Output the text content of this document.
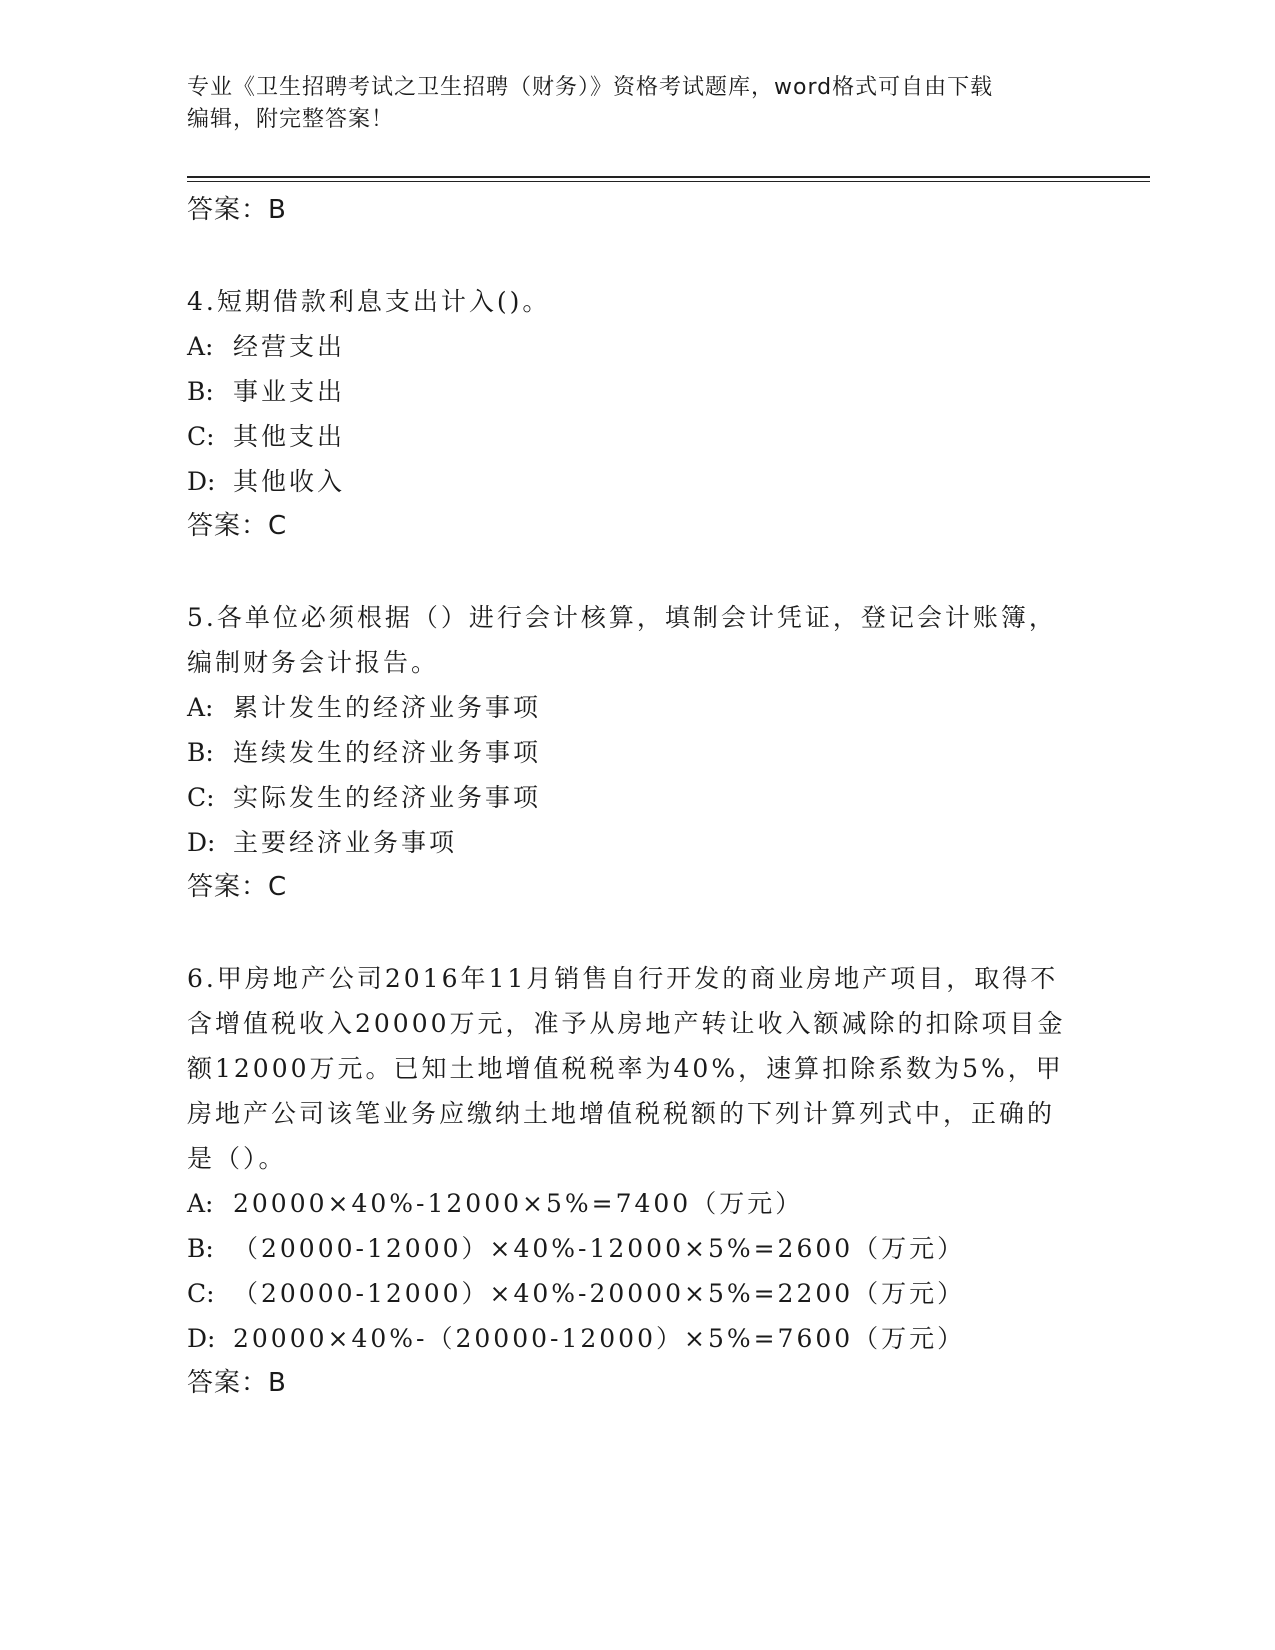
专业《卫生招聘考试之卫生招聘（财务）》资格考试题库，word格式可自由下载
编辑，附完整答案！
答案：B
4.短期借款利息支出计入()。
A: 经营支出
B: 事业支出
C: 其他支出
D: 其他收入
答案：C
5.各单位必须根据（）进行会计核算，填制会计凭证，登记会计账簿，编制财务会计报告。
A: 累计发生的经济业务事项
B: 连续发生的经济业务事项
C: 实际发生的经济业务事项
D: 主要经济业务事项
答案：C
6.甲房地产公司2016年11月销售自行开发的商业房地产项目，取得不含增值税收入20000万元，准予从房地产转让收入额减除的扣除项目金额12000万元。已知土地增值税税率为40%，速算扣除系数为5%，甲房地产公司该笔业务应缴纳土地增值税税额的下列计算列式中，正确的是（）。
A: 20000×40%-12000×5%=7400（万元）
B: （20000-12000）×40%-12000×5%=2600（万元）
C: （20000-12000）×40%-20000×5%=2200（万元）
D: 20000×40%-（20000-12000）×5%=7600（万元）
答案：B
